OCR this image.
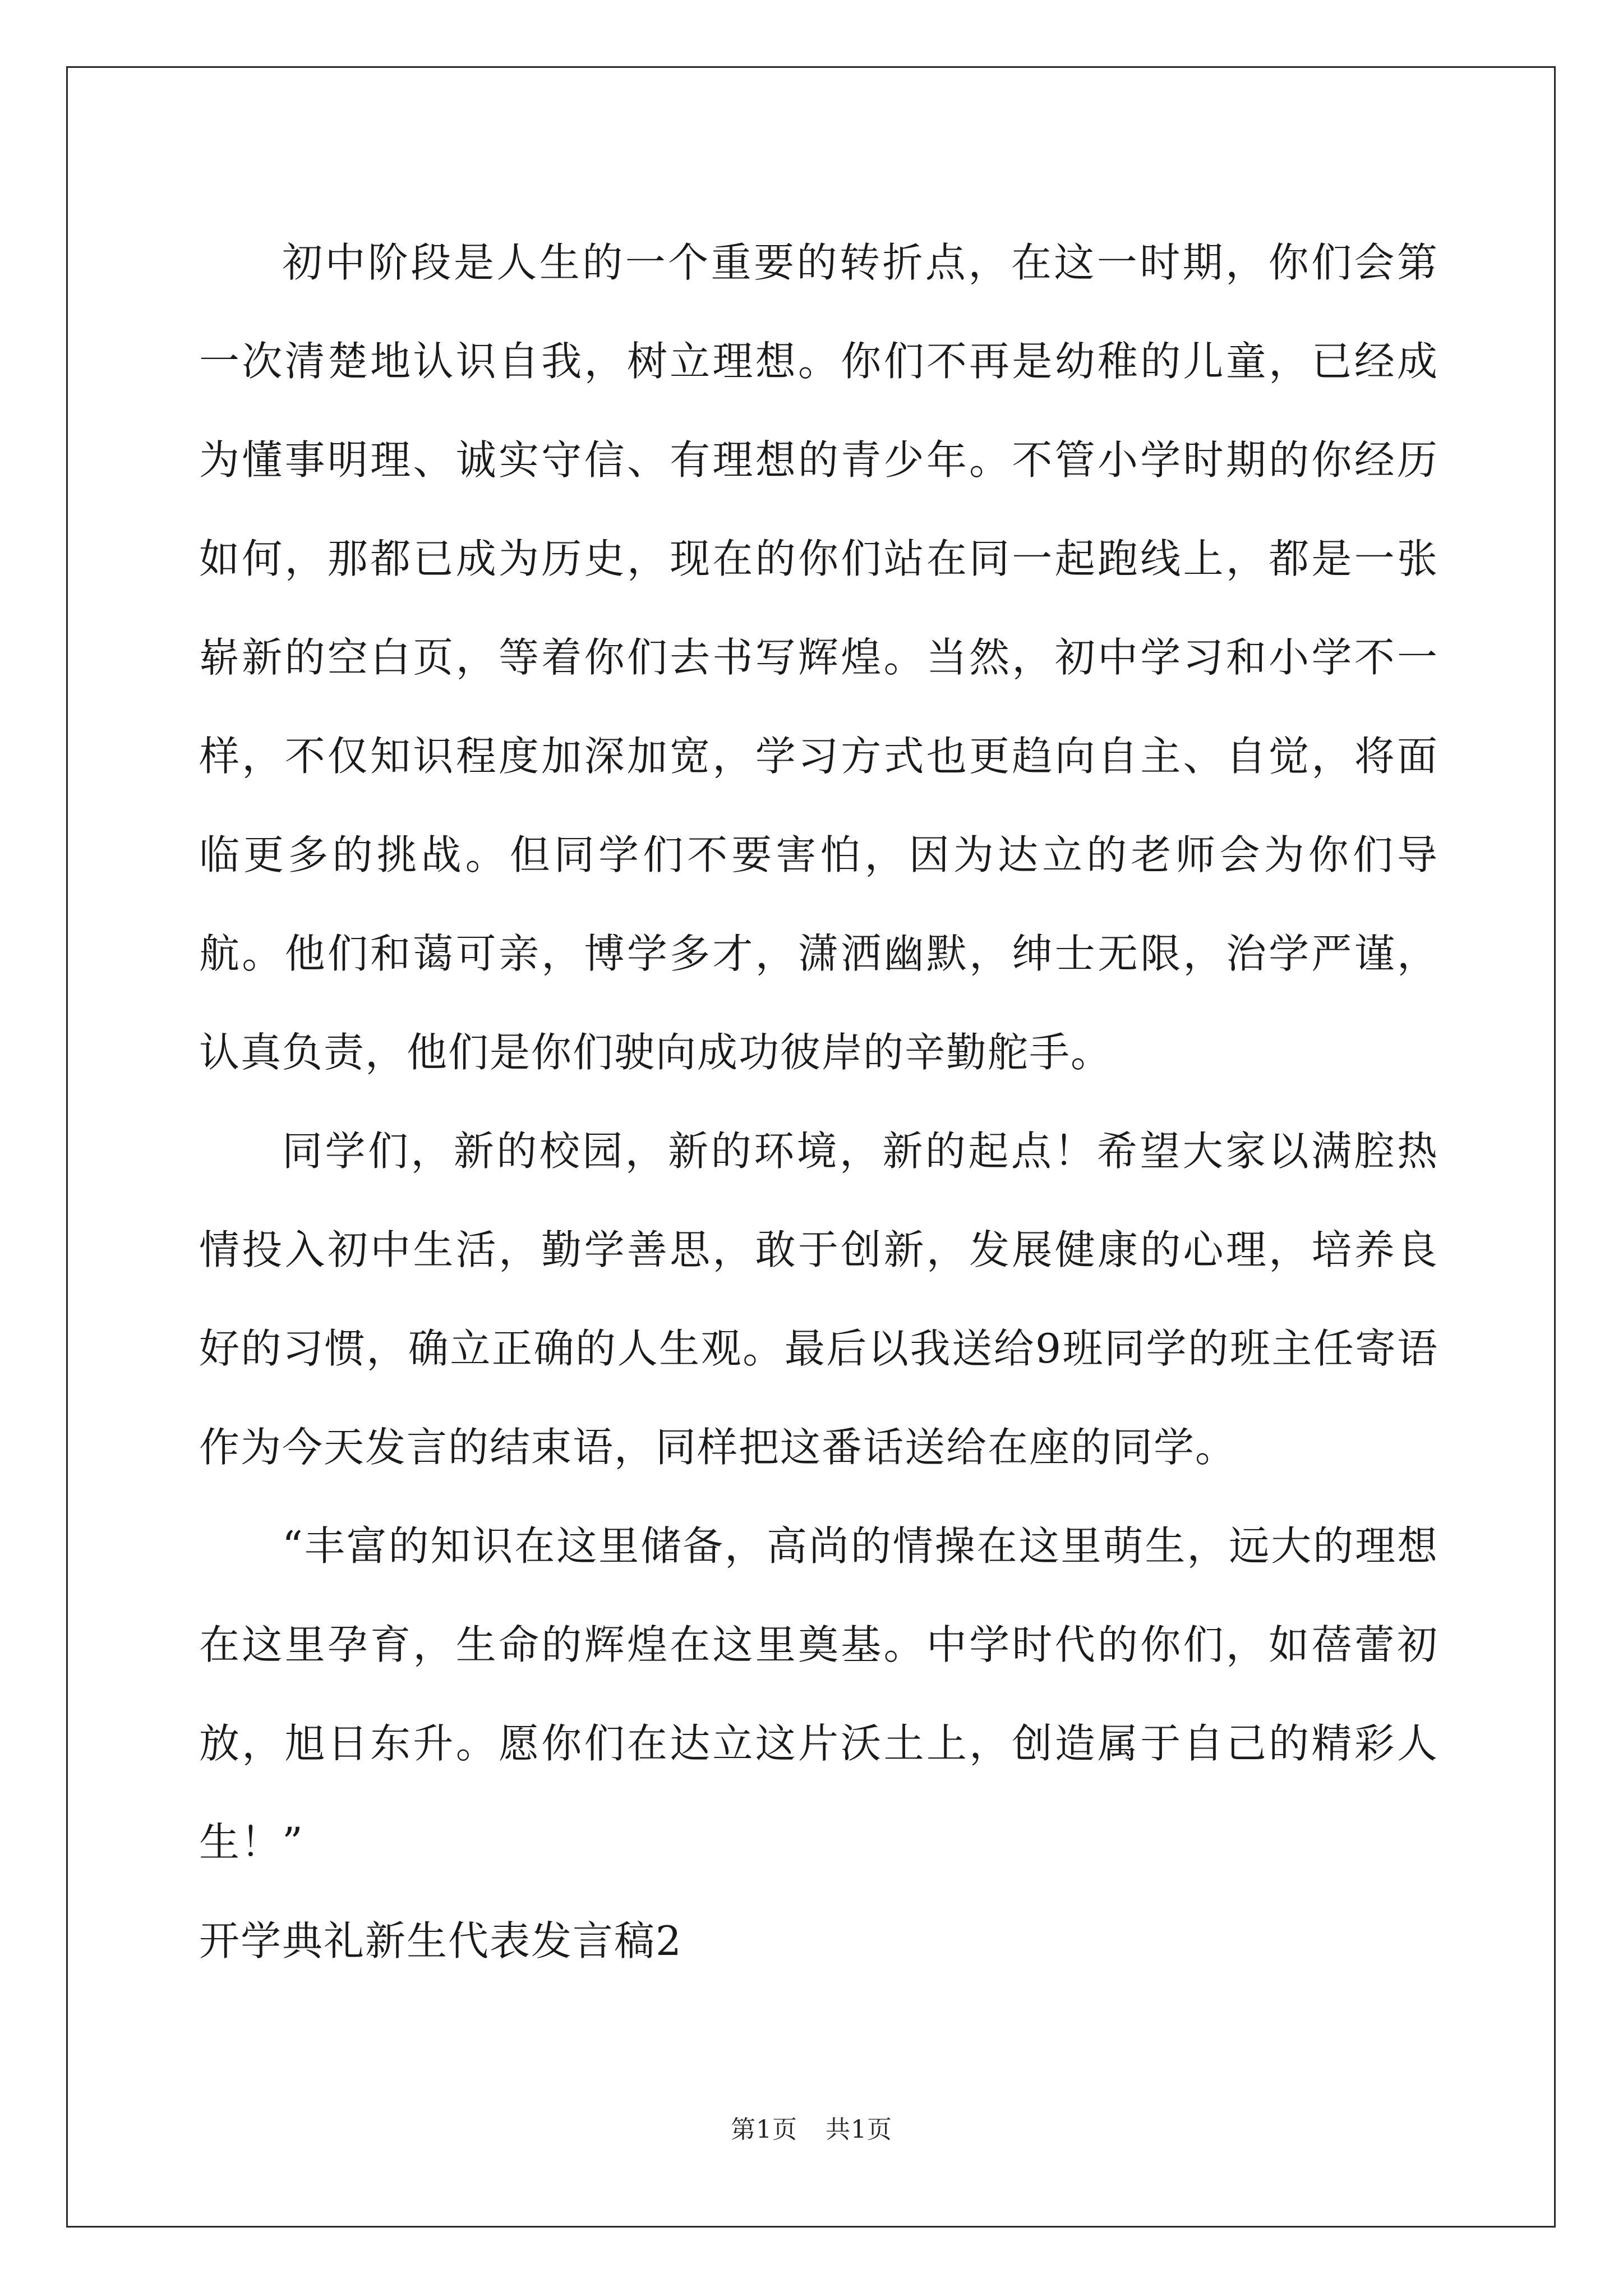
初中阶段是人生的一个重要的转折点，在这一时期，你们会第一次清楚地认识自我，树立理想。你们不再是幼稚的儿童，已经成为懂事明理、诚实守信、有理想的青少年。不管小学时期的你经历如何，那都已成为历史，现在的你们站在同一起跑线上，都是一张崭新的空白页，等着你们去书写辉煌。当然，初中学习和小学不一样，不仅知识程度加深加宽，学习方式也更趋向自主、自觉，将面临更多的挑战。但同学们不要害怕，因为达立的老师会为你们导航。他们和蔼可亲，博学多才，潇洒幽默，绅士无限，治学严谨，认真负责，他们是你们驶向成功彼岸的辛勤舵手。

同学们，新的校园，新的环境，新的起点！希望大家以满腔热情投入初中生活，勤学善思，敢于创新，发展健康的心理，培养良好的习惯，确立正确的人生观。最后以我送给9班同学的班主任寄语作为今天发言的结束语，同样把这番话送给在座的同学。

“丰富的知识在这里储备，高尚的情操在这里萌生，远大的理想在这里孕育，生命的辉煌在这里奠基。中学时代的你们，如蓓蕾初放，旭日东升。愿你们在达立这片沃土上，创造属于自己的精彩人生！”

开学典礼新生代表发言稿2

第1页 共1页
